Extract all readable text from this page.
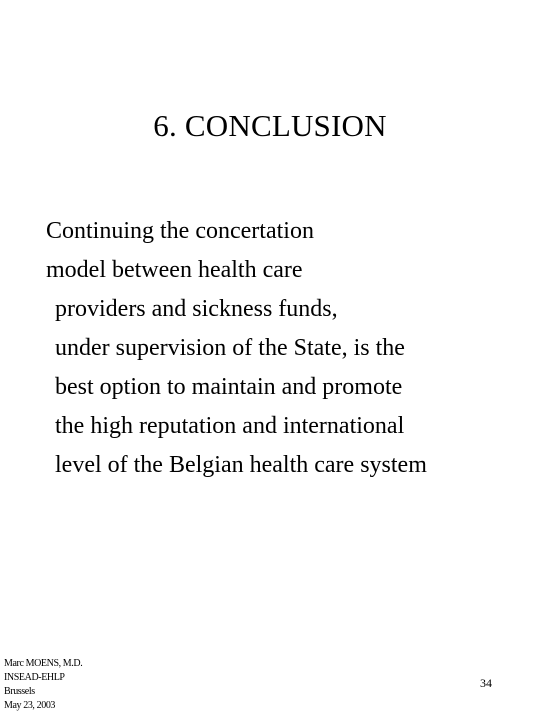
6. CONCLUSION
Continuing the concertation
model between health care
providers and sickness funds,
under supervision of the State, is the
best option to maintain and promote
the high reputation and international
level of the Belgian health care system
Marc MOENS, M.D.
INSEAD-EHLP
Brussels
May 23, 2003
34
